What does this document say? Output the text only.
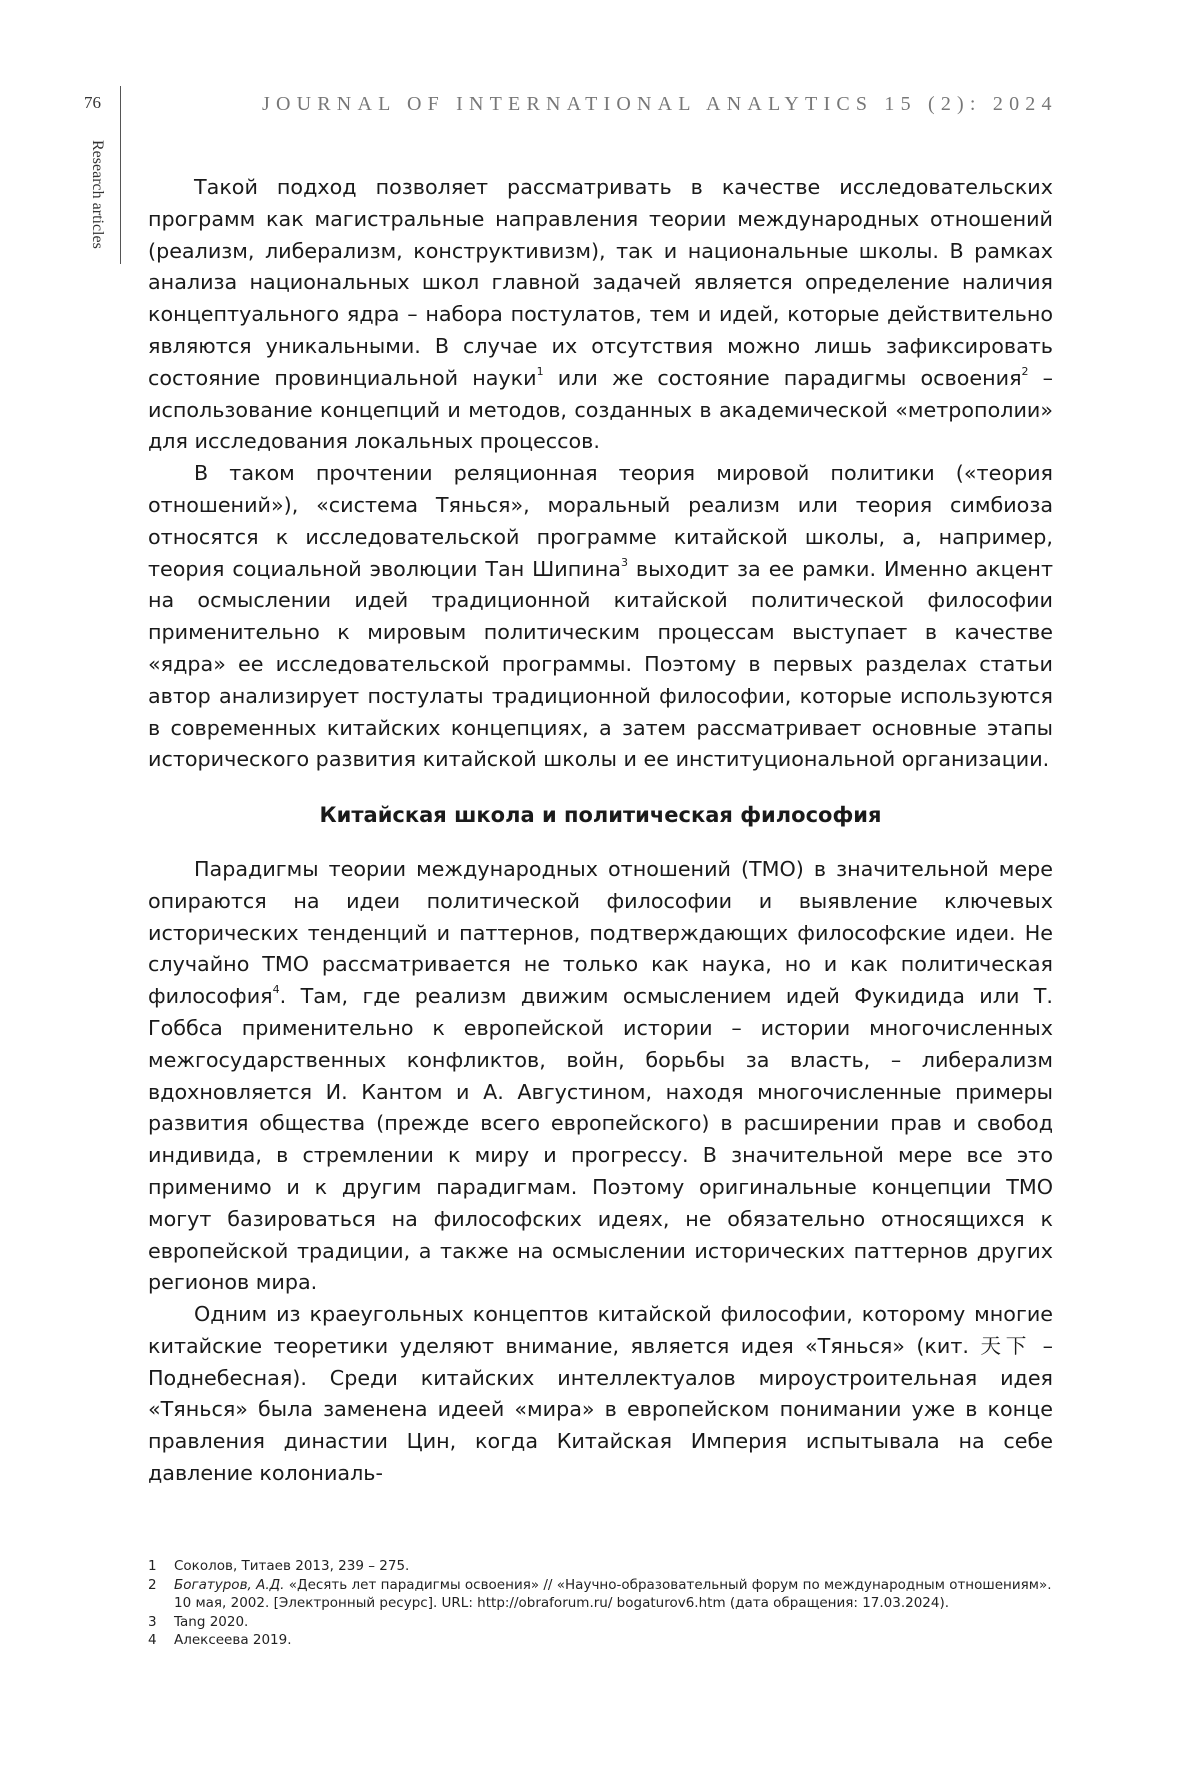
76
Research articles
JOURNAL OF INTERNATIONAL ANALYTICS 15 (2): 2024

Такой подход позволяет рассматривать в качестве исследовательских программ как магистральные направления теории международных отношений (реализм, либерализм, конструктивизм), так и национальные школы. В рамках анализа национальных школ главной задачей является определение наличия концептуального ядра – набора постулатов, тем и идей, которые действительно являются уникальными. В случае их отсутствия можно лишь зафиксировать состояние провинциальной науки$^1$ или же состояние парадигмы освоения$^2$ – использование концепций и методов, созданных в академической «метрополии» для исследования локальных процессов.

В таком прочтении реляционная теория мировой политики («теория отношений»), «система Тянься», моральный реализм или теория симбиоза относятся к исследовательской программе китайской школы, а, например, теория социальной эволюции Тан Шипина$^3$ выходит за ее рамки. Именно акцент на осмыслении идей традиционной китайской политической философии применительно к мировым политическим процессам выступает в качестве «ядра» ее исследовательской программы. Поэтому в первых разделах статьи автор анализирует постулаты традиционной философии, которые используются в современных китайских концепциях, а затем рассматривает основные этапы исторического развития китайской школы и ее институциональной организации.

Китайская школа и политическая философия

Парадигмы теории международных отношений (ТМО) в значительной мере опираются на идеи политической философии и выявление ключевых исторических тенденций и паттернов, подтверждающих философские идеи. Не случайно ТМО рассматривается не только как наука, но и как политическая философия$^4$. Там, где реализм движим осмыслением идей Фукидида или Т. Гоббса применительно к европейской истории – истории многочисленных межгосударственных конфликтов, войн, борьбы за власть, – либерализм вдохновляется И. Кантом и А. Августином, находя многочисленные примеры развития общества (прежде всего европейского) в расширении прав и свобод индивида, в стремлении к миру и прогрессу. В значительной мере все это применимо и к другим парадигмам. Поэтому оригинальные концепции ТМО могут базироваться на философских идеях, не обязательно относящихся к европейской традиции, а также на осмыслении исторических паттернов других регионов мира.

Одним из краеугольных концептов китайской философии, которому многие китайские теоретики уделяют внимание, является идея «Тянься» (кит. 天下 – Поднебесная). Среди китайских интеллектуалов мироустроительная идея «Тянься» была заменена идеей «мира» в европейском понимании уже в конце правления династии Цин, когда Китайская Империя испытывала на себе давление колониаль-

1	Соколов, Титаев 2013, 239 – 275.
2	Богатуров, А.Д. «Десять лет парадигмы освоения» // «Научно-образовательный форум по международным отношениям». 10 мая, 2002. [Электронный ресурс]. URL: http://obraforum.ru/ bogaturov6.htm (дата обращения: 17.03.2024).
3	Tang 2020.
4	Алексеева 2019.
